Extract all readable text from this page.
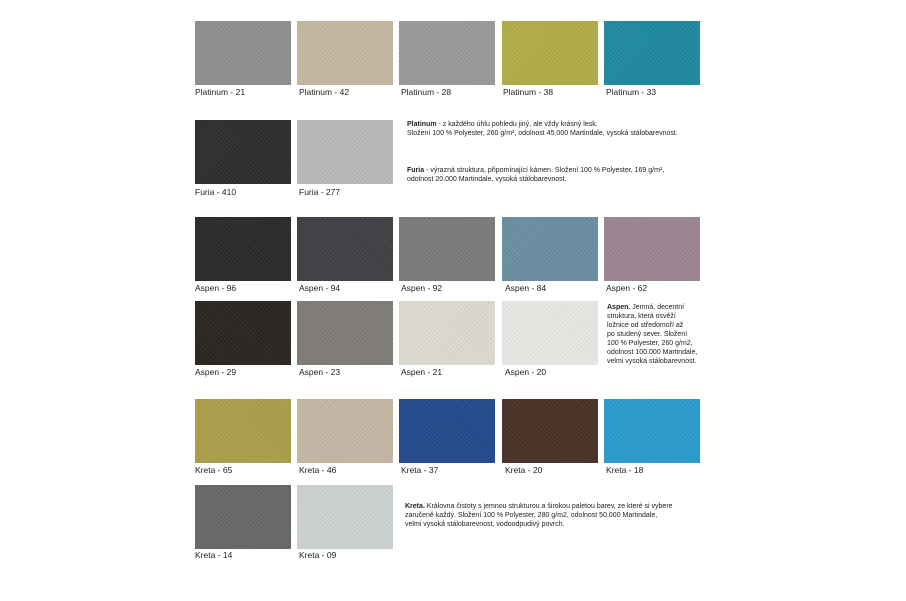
Platinum - 21	Platinum - 42	Platinum - 28	Platinum - 38	Platinum - 33
Furia - 410	Furia - 277
Platinum - z každého úhlu pohledu jiný, ale vždy krásný lesk.
Složení 100 % Polyester, 260 g/m², odolnost 45.000 Martindale, vysoká stálobarevnost.
Furia - výrazná struktura, připomínající kámen. Složení 100 % Polyester, 169 g/m²,
odolnost 20.000 Martindale, vysoká stálobarevnost.
Aspen - 96	Aspen - 94	Aspen - 92	Aspen - 84	Aspen - 62
Aspen - 29	Aspen - 23	Aspen - 21	Aspen - 20
Aspen. Jemná, decentní
struktura, která osvěží
ložnice od středomoří až
po studený sever. Složení
100 % Polyester, 260 g/m2,
odolnost 100.000 Martindale,
velmi vysoká stálobarevnost.
Kreta - 65	Kreta - 46	Kreta - 37	Kreta - 20	Kreta - 18
Kreta - 14	Kreta - 09
Kreta. Královna čistoty s jemnou strukturou a širokou paletou barev, ze které si vybere
zaručeně každý. Složení 100 % Polyester, 280 g/m2, odolnost 50.000 Martindale,
velmi vysoká stálobarevnost, vodoodpudivý povrch.
